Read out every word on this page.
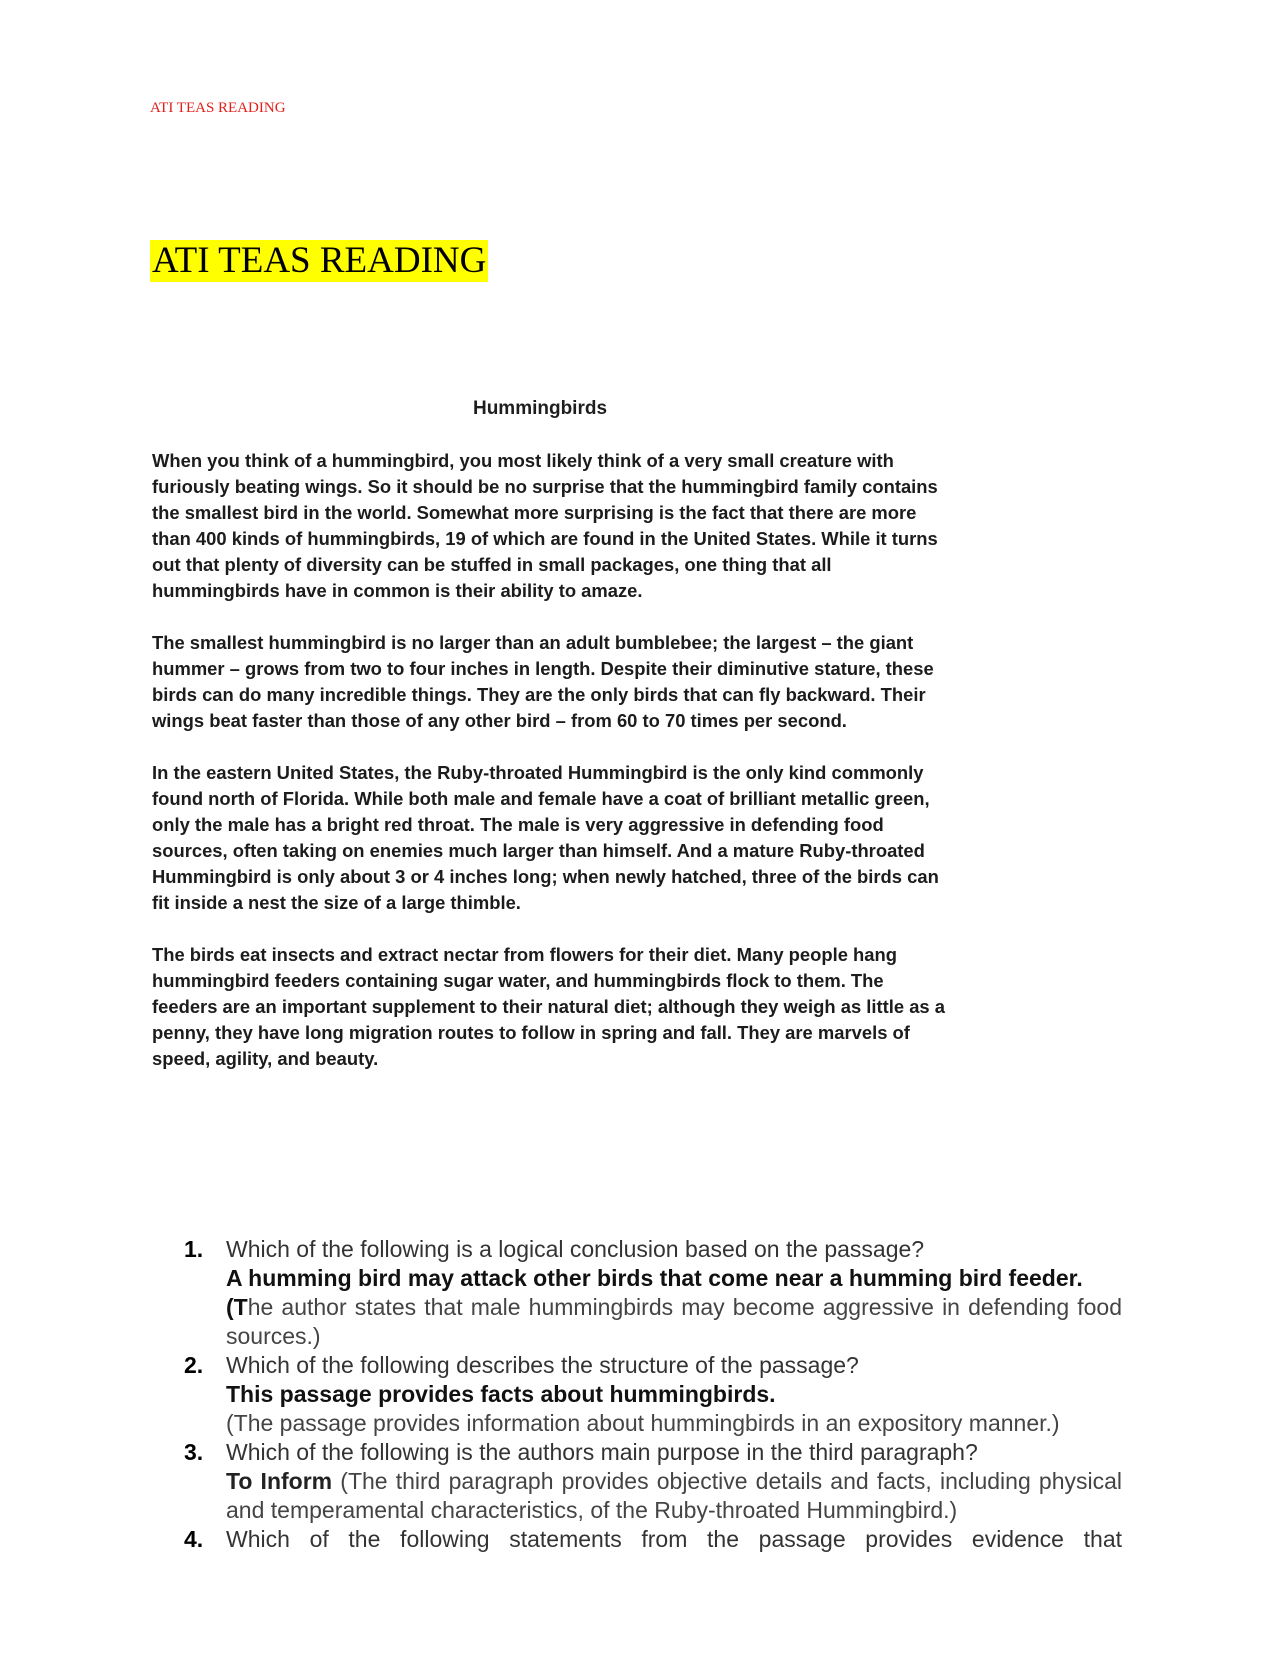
ATI TEAS READING
ATI TEAS READING
Hummingbirds

When you think of a hummingbird, you most likely think of a very small creature with furiously beating wings. So it should be no surprise that the hummingbird family contains the smallest bird in the world. Somewhat more surprising is the fact that there are more than 400 kinds of hummingbirds, 19 of which are found in the United States. While it turns out that plenty of diversity can be stuffed in small packages, one thing that all hummingbirds have in common is their ability to amaze.

The smallest hummingbird is no larger than an adult bumblebee; the largest – the giant hummer – grows from two to four inches in length. Despite their diminutive stature, these birds can do many incredible things. They are the only birds that can fly backward. Their wings beat faster than those of any other bird – from 60 to 70 times per second.

In the eastern United States, the Ruby-throated Hummingbird is the only kind commonly found north of Florida. While both male and female have a coat of brilliant metallic green, only the male has a bright red throat. The male is very aggressive in defending food sources, often taking on enemies much larger than himself. And a mature Ruby-throated Hummingbird is only about 3 or 4 inches long; when newly hatched, three of the birds can fit inside a nest the size of a large thimble.

The birds eat insects and extract nectar from flowers for their diet. Many people hang hummingbird feeders containing sugar water, and hummingbirds flock to them. The feeders are an important supplement to their natural diet; although they weigh as little as a penny, they have long migration routes to follow in spring and fall. They are marvels of speed, agility, and beauty.

1. Which of the following is a logical conclusion based on the passage?
A humming bird may attack other birds that come near a humming bird feeder.
(The author states that male hummingbirds may become aggressive in defending food sources.)
2. Which of the following describes the structure of the passage?
This passage provides facts about hummingbirds.
(The passage provides information about hummingbirds in an expository manner.)
3. Which of the following is the authors main purpose in the third paragraph?
To Inform (The third paragraph provides objective details and facts, including physical and temperamental characteristics, of the Ruby-throated Hummingbird.)
4. Which of the following statements from the passage provides evidence that
